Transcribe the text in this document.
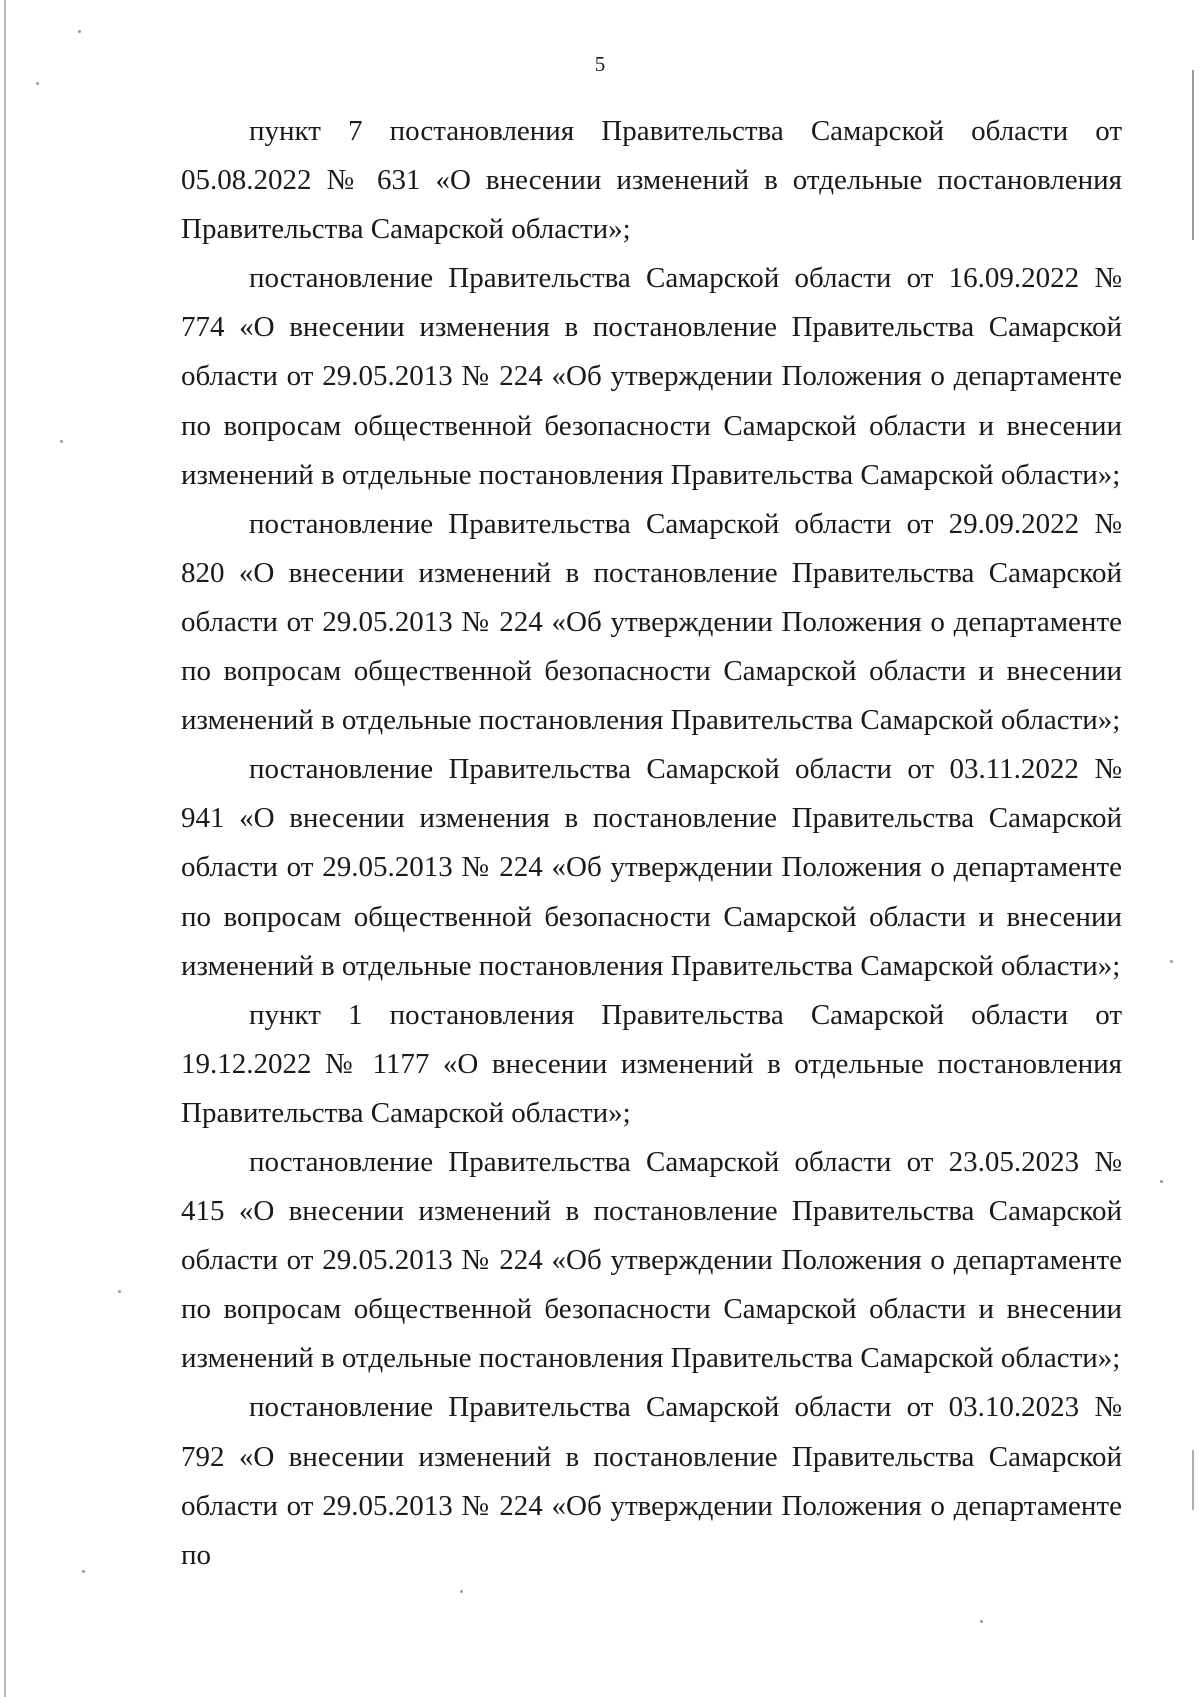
5

пункт 7 постановления Правительства Самарской области от 05.08.2022 № 631 «О внесении изменений в отдельные постановления Правительства Самарской области»;

постановление Правительства Самарской области от 16.09.2022 № 774 «О внесении изменения в постановление Правительства Самарской области от 29.05.2013 № 224 «Об утверждении Положения о департаменте по вопросам общественной безопасности Самарской области и внесении изменений в отдельные постановления Правительства Самарской области»;

постановление Правительства Самарской области от 29.09.2022 № 820 «О внесении изменений в постановление Правительства Самарской области от 29.05.2013 № 224 «Об утверждении Положения о департаменте по вопросам общественной безопасности Самарской области и внесении изменений в отдельные постановления Правительства Самарской области»;

постановление Правительства Самарской области от 03.11.2022 № 941 «О внесении изменения в постановление Правительства Самарской области от 29.05.2013 № 224 «Об утверждении Положения о департаменте по вопросам общественной безопасности Самарской области и внесении изменений в отдельные постановления Правительства Самарской области»;

пункт 1 постановления Правительства Самарской области от 19.12.2022 № 1177 «О внесении изменений в отдельные постановления Правительства Самарской области»;

постановление Правительства Самарской области от 23.05.2023 № 415 «О внесении изменений в постановление Правительства Самарской области от 29.05.2013 № 224 «Об утверждении Положения о департаменте по вопросам общественной безопасности Самарской области и внесении изменений в отдельные постановления Правительства Самарской области»;

постановление Правительства Самарской области от 03.10.2023 № 792 «О внесении изменений в постановление Правительства Самарской области от 29.05.2013 № 224 «Об утверждении Положения о департаменте по
